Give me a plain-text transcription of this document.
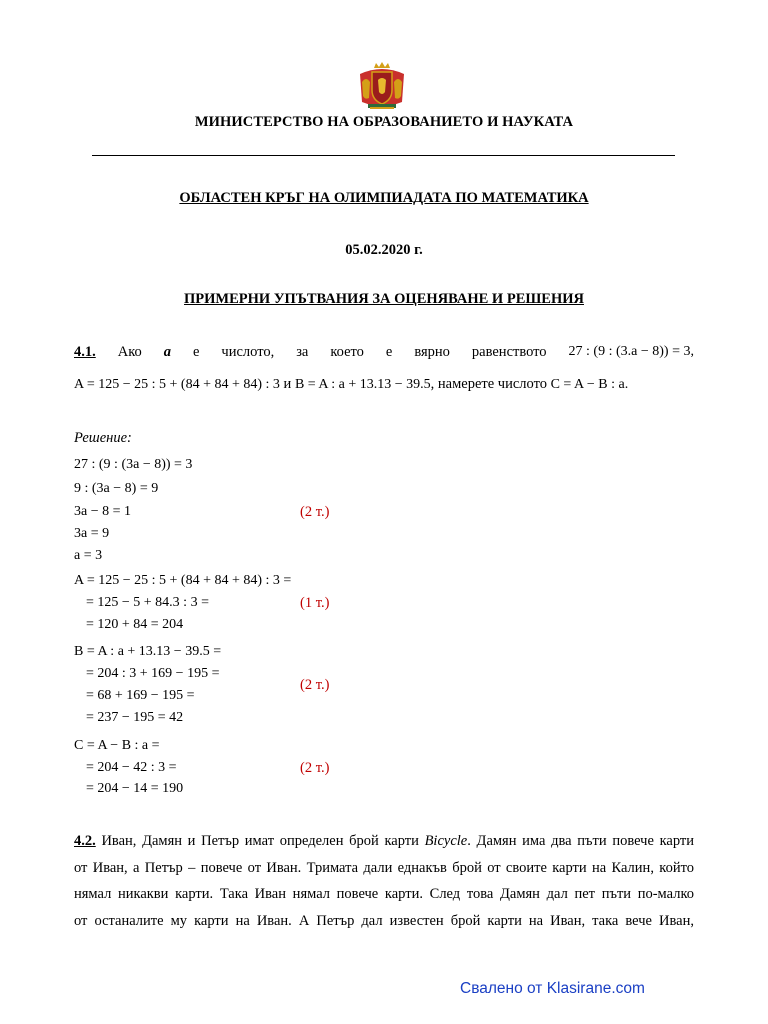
МИНИСТЕРСТВО НА ОБРАЗОВАНИЕТО И НАУКАТА
ОБЛАСТЕН КРЪГ НА ОЛИМПИАДАТА ПО МАТЕМАТИКА
05.02.2020 г.
ПРИМЕРНИ УПЪТВАНИЯ ЗА ОЦЕНЯВАНЕ И РЕШЕНИЯ
4.1. Ако a е числото, за което е вярно равенството 27 : (9 : (3.a − 8)) = 3,
A = 125 − 25 : 5 + (84 + 84 + 84) : 3 и B = A : a + 13.13 − 39.5, намерете числото C = A − B : a.
Решение:
27 : (9 : (3a − 8)) = 3
9 : (3a − 8) = 9
3a − 8 = 1
3a = 9
a = 3
A = 125 − 25 : 5 + (84 + 84 + 84) : 3 =
= 125 − 5 + 84.3 : 3 =
= 120 + 84 = 204
B = A : a + 13.13 − 39.5 =
= 204 : 3 + 169 − 195 =
= 68 + 169 − 195 =
= 237 − 195 = 42
C = A − B : a =
= 204 − 42 : 3 =
= 204 − 14 = 190
(2 т.)
(1 т.)
(2 т.)
(2 т.)
4.2. Иван, Дамян и Петър имат определен брой карти Bicycle. Дамян има два пъти повече карти
от Иван, а Петър – повече от Иван. Тримата дали еднакъв брой от своите карти на Калин, който
нямал никакви карти. Така Иван нямал повече карти. След това Дамян дал пет пъти по-малко
от останалите му карти на Иван. А Петър дал известен брой карти на Иван, така вече Иван,
Свалено от Klasirane.com
